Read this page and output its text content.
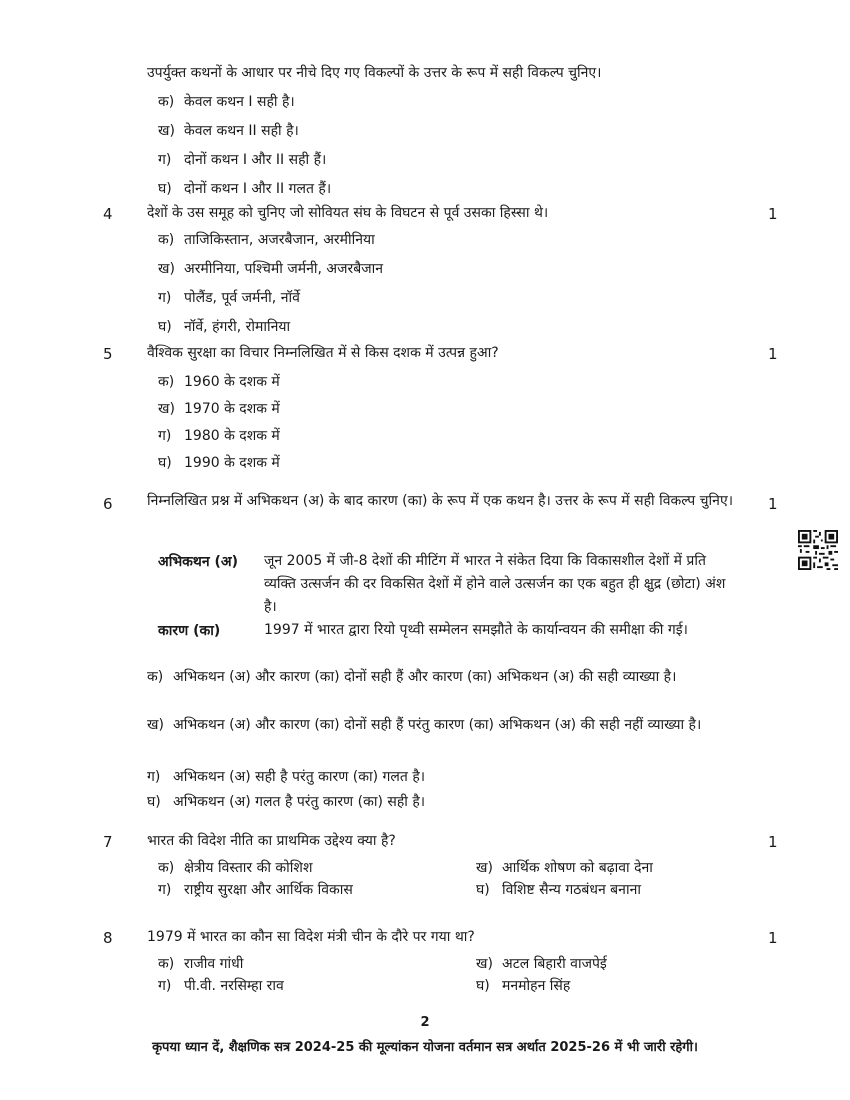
उपर्युक्त कथनों के आधार पर नीचे दिए गए विकल्पों के उत्तर के रूप में सही विकल्प चुनिए।
क) केवल कथन I सही है।
ख) केवल कथन II सही है।
ग) दोनों कथन I और II सही हैं।
घ) दोनों कथन I और II गलत हैं।
4 देशों के उस समूह को चुनिए जो सोवियत संघ के विघटन से पूर्व उसका हिस्सा थे।	1
क) ताजिकिस्तान, अजरबैजान, अरमीनिया
ख) अरमीनिया, पश्चिमी जर्मनी, अजरबैजान
ग) पोलैंड, पूर्व जर्मनी, नॉर्वे
घ) नॉर्वे, हंगरी, रोमानिया
5 वैश्विक सुरक्षा का विचार निम्नलिखित में से किस दशक में उत्पन्न हुआ?	1
क) 1960 के दशक में
ख) 1970 के दशक में
ग) 1980 के दशक में
घ) 1990 के दशक में
6 निम्नलिखित प्रश्न में अभिकथन (अ) के बाद कारण (का) के रूप में एक कथन है। उत्तर के रूप में सही विकल्प चुनिए।	1
अभिकथन (अ) जून 2005 में जी-8 देशों की मीटिंग में भारत ने संकेत दिया कि विकासशील देशों में प्रति व्यक्ति उत्सर्जन की दर विकसित देशों में होने वाले उत्सर्जन का एक बहुत ही क्षुद्र (छोटा) अंश है।
कारण (का)	1997 में भारत द्वारा रियो पृथ्वी सम्मेलन समझौते के कार्यान्वयन की समीक्षा की गई।
क) अभिकथन (अ) और कारण (का) दोनों सही हैं और कारण (का) अभिकथन (अ) की सही व्याख्या है।
ख) अभिकथन (अ) और कारण (का) दोनों सही हैं परंतु कारण (का) अभिकथन (अ) की सही नहीं व्याख्या है।
ग) अभिकथन (अ) सही है परंतु कारण (का) गलत है।
घ) अभिकथन (अ) गलत है परंतु कारण (का) सही है।
7 भारत की विदेश नीति का प्राथमिक उद्देश्य क्या है?	1
क) क्षेत्रीय विस्तार की कोशिश	ख) आर्थिक शोषण को बढ़ावा देना
ग) राष्ट्रीय सुरक्षा और आर्थिक विकास	घ) विशिष्ट सैन्य गठबंधन बनाना
8 1979 में भारत का कौन सा विदेश मंत्री चीन के दौरे पर गया था?	1
क) राजीव गांधी	ख) अटल बिहारी वाजपेई
ग) पी.वी. नरसिम्हा राव	घ) मनमोहन सिंह
2
कृपया ध्यान दें, शैक्षणिक सत्र 2024-25 की मूल्यांकन योजना वर्तमान सत्र अर्थात 2025-26 में भी जारी रहेगी।
